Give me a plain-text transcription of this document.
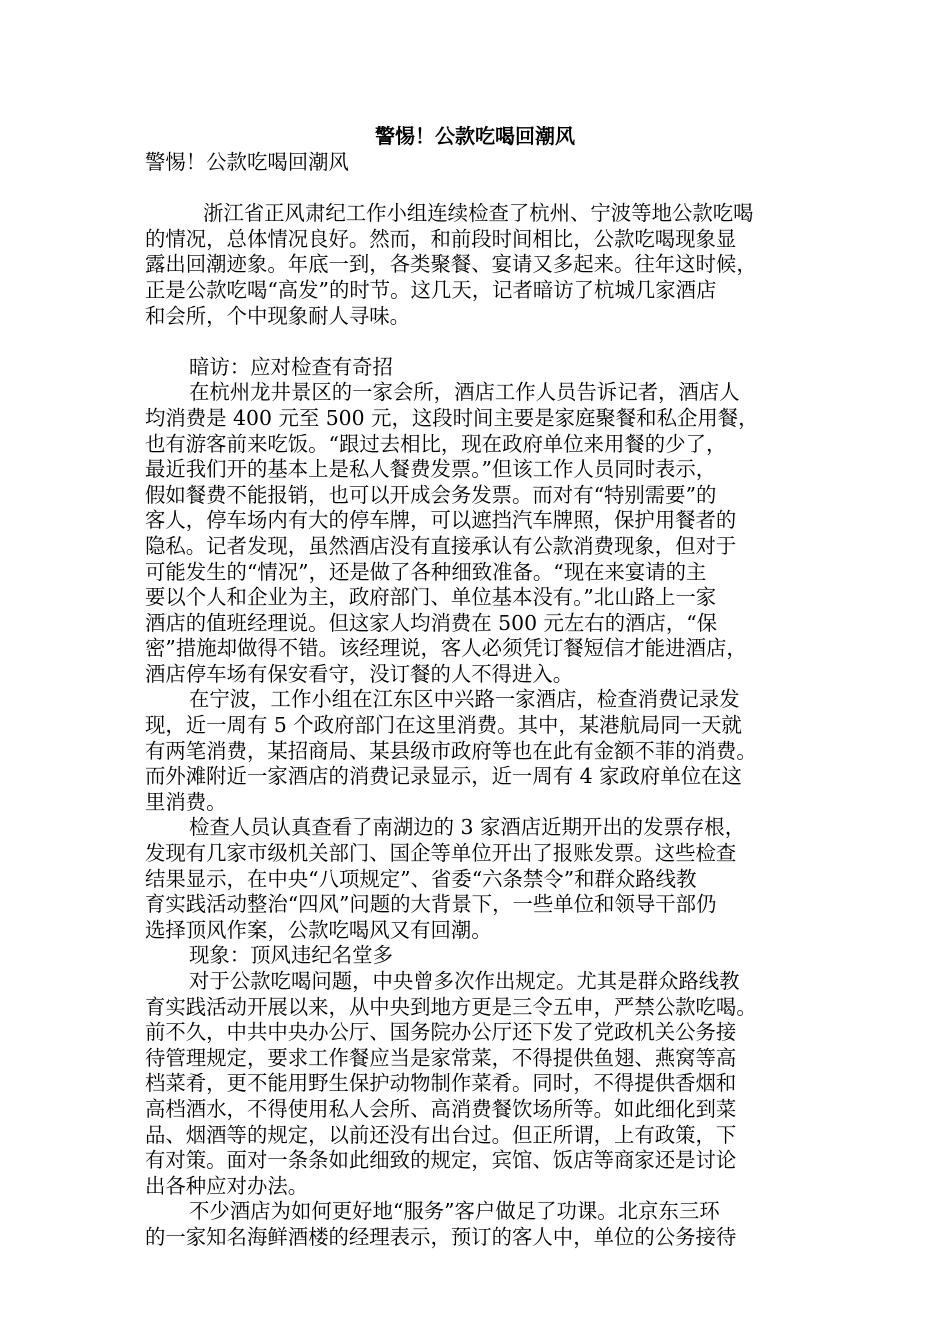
警惕！公款吃喝回潮风
警惕！公款吃喝回潮风
浙江省正风肃纪工作小组连续检查了杭州、宁波等地公款吃喝
的情况，总体情况良好。然而，和前段时间相比，公款吃喝现象显
露出回潮迹象。年底一到，各类聚餐、宴请又多起来。往年这时候，
正是公款吃喝“高发”的时节。这几天，记者暗访了杭城几家酒店
和会所，个中现象耐人寻味。
暗访：应对检查有奇招
在杭州龙井景区的一家会所，酒店工作人员告诉记者，酒店人
均消费是 400 元至 500 元，这段时间主要是家庭聚餐和私企用餐，
也有游客前来吃饭。“跟过去相比，现在政府单位来用餐的少了，
最近我们开的基本上是私人餐费发票。”但该工作人员同时表示，
假如餐费不能报销，也可以开成会务发票。而对有“特别需要”的
客人，停车场内有大的停车牌，可以遮挡汽车牌照，保护用餐者的
隐私。记者发现，虽然酒店没有直接承认有公款消费现象，但对于
可能发生的“情况”，还是做了各种细致准备。“现在来宴请的主
要以个人和企业为主，政府部门、单位基本没有。”北山路上一家
酒店的值班经理说。但这家人均消费在 500 元左右的酒店，“保
密”措施却做得不错。该经理说，客人必须凭订餐短信才能进酒店，
酒店停车场有保安看守，没订餐的人不得进入。
在宁波，工作小组在江东区中兴路一家酒店，检查消费记录发
现，近一周有 5 个政府部门在这里消费。其中，某港航局同一天就
有两笔消费，某招商局、某县级市政府等也在此有金额不菲的消费。
而外滩附近一家酒店的消费记录显示，近一周有 4 家政府单位在这
里消费。
检查人员认真查看了南湖边的 3 家酒店近期开出的发票存根，
发现有几家市级机关部门、国企等单位开出了报账发票。这些检查
结果显示，在中央“八项规定”、省委“六条禁令”和群众路线教
育实践活动整治“四风”问题的大背景下，一些单位和领导干部仍
选择顶风作案，公款吃喝风又有回潮。
现象：顶风违纪名堂多
对于公款吃喝问题，中央曾多次作出规定。尤其是群众路线教
育实践活动开展以来，从中央到地方更是三令五申，严禁公款吃喝。
前不久，中共中央办公厅、国务院办公厅还下发了党政机关公务接
待管理规定，要求工作餐应当是家常菜，不得提供鱼翅、燕窝等高
档菜肴，更不能用野生保护动物制作菜肴。同时，不得提供香烟和
高档酒水，不得使用私人会所、高消费餐饮场所等。如此细化到菜
品、烟酒等的规定，以前还没有出台过。但正所谓，上有政策，下
有对策。面对一条条如此细致的规定，宾馆、饭店等商家还是讨论
出各种应对办法。
不少酒店为如何更好地“服务”客户做足了功课。北京东三环
的一家知名海鲜酒楼的经理表示，预订的客人中，单位的公务接待
